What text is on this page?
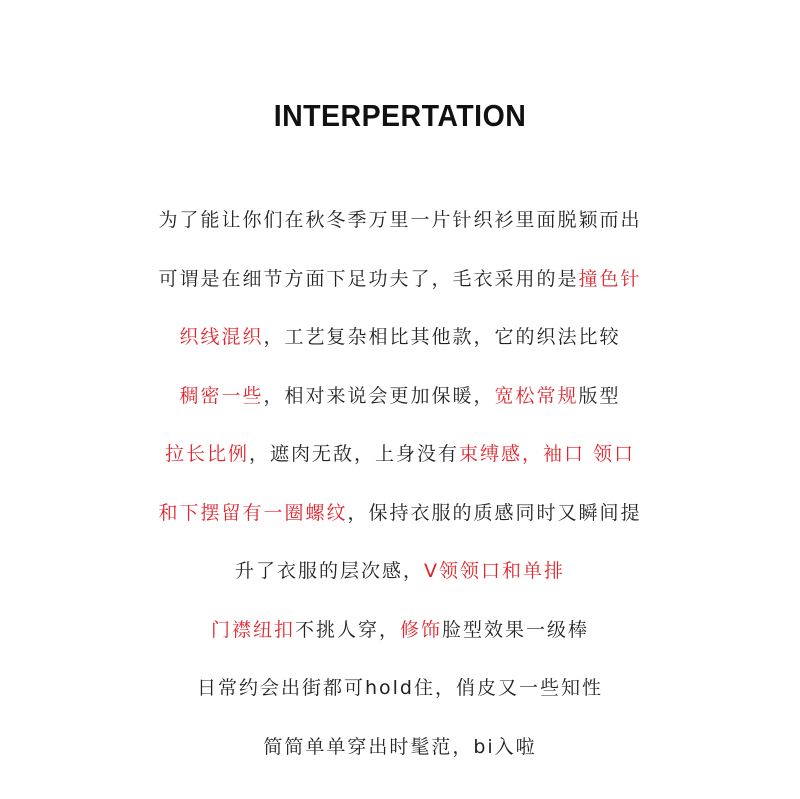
INTERPERTATION
为了能让你们在秋冬季万里一片针织衫里面脱颖而出
可谓是在细节方面下足功夫了，毛衣采用的是撞色针
织线混织，工艺复杂相比其他款，它的织法比较
稠密一些，相对来说会更加保暖，宽松常规版型
拉长比例，遮肉无敌，上身没有束缚感，袖口 领口
和下摆留有一圈螺纹，保持衣服的质感同时又瞬间提
升了衣服的层次感，V领领口和单排
门襟纽扣不挑人穿，修饰脸型效果一级棒
日常约会出街都可hold住，俏皮又一些知性
简简单单穿出时髦范，bi入啦
